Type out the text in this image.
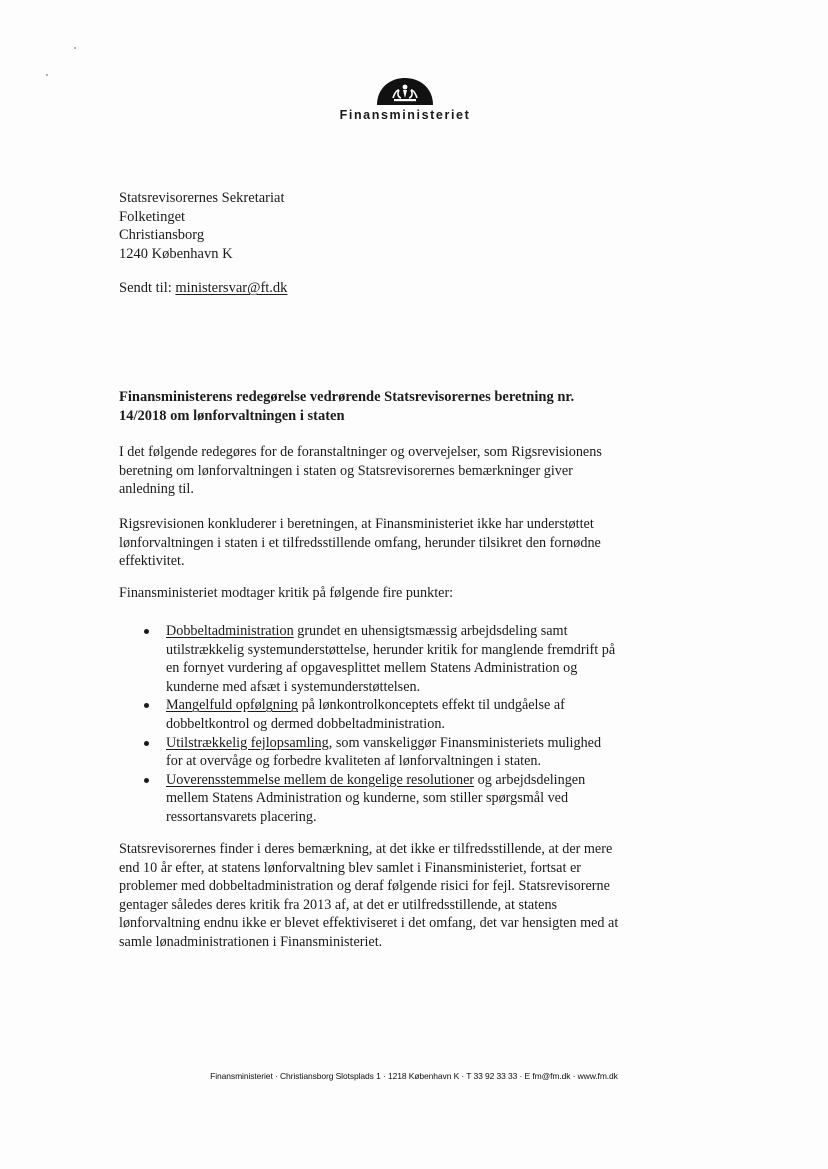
Finansministeriet
Statsrevisorernes Sekretariat
Folketinget
Christiansborg
1240 København K
Sendt til: ministersvar@ft.dk
Finansministerens redegørelse vedrørende Statsrevisorernes beretning nr. 14/2018 om lønforvaltningen i staten

I det følgende redegøres for de foranstaltninger og overvejelser, som Rigsrevisionens beretning om lønforvaltningen i staten og Statsrevisorernes bemærkninger giver anledning til.

Rigsrevisionen konkluderer i beretningen, at Finansministeriet ikke har understøttet lønforvaltningen i staten i et tilfredsstillende omfang, herunder tilsikret den fornødne effektivitet.

Finansministeriet modtager kritik på følgende fire punkter:

Dobbeltadministration grundet en uhensigtsmæssig arbejdsdeling samt utilstrækkelig systemunderstøttelse, herunder kritik for manglende fremdrift på en fornyet vurdering af opgavesplittet mellem Statens Administration og kunderne med afsæt i systemunderstøttelsen.
Mangelfuld opfølgning på lønkontrolkonceptets effekt til undgåelse af dobbeltkontrol og dermed dobbeltadministration.
Utilstrækkelig fejlopsamling, som vanskeliggør Finansministeriets mulighed for at overvåge og forbedre kvaliteten af lønforvaltningen i staten.
Uoverensstemmelse mellem de kongelige resolutioner og arbejdsdelingen mellem Statens Administration og kunderne, som stiller spørgsmål ved ressortansvarets placering.

Statsrevisorernes finder i deres bemærkning, at det ikke er tilfredsstillende, at der mere end 10 år efter, at statens lønforvaltning blev samlet i Finansministeriet, fortsat er problemer med dobbeltadministration og deraf følgende risici for fejl. Statsrevisorerne gentager således deres kritik fra 2013 af, at det er utilfredsstillende, at statens lønforvaltning endnu ikke er blevet effektiviseret i det omfang, det var hensigten med at samle lønadministrationen i Finansministeriet.

Finansministeriet · Christiansborg Slotsplads 1 · 1218 København K · T 33 92 33 33 · E fm@fm.dk · www.fm.dk
